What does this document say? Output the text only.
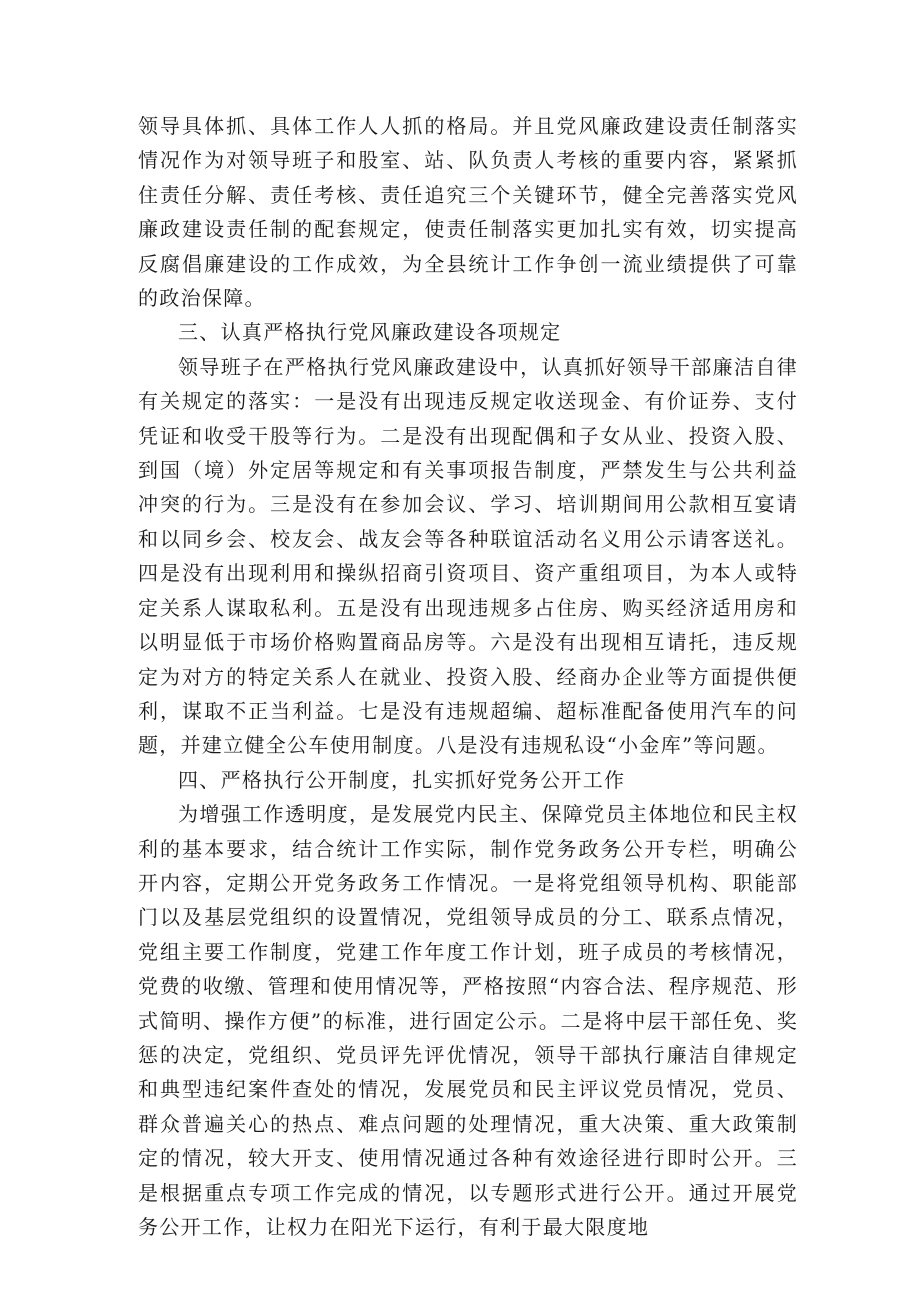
领导具体抓、具体工作人人抓的格局。并且党风廉政建设责任制落实情况作为对领导班子和股室、站、队负责人考核的重要内容，紧紧抓住责任分解、责任考核、责任追究三个关键环节，健全完善落实党风廉政建设责任制的配套规定，使责任制落实更加扎实有效，切实提高反腐倡廉建设的工作成效，为全县统计工作争创一流业绩提供了可靠的政治保障。

三、认真严格执行党风廉政建设各项规定

领导班子在严格执行党风廉政建设中，认真抓好领导干部廉洁自律有关规定的落实：一是没有出现违反规定收送现金、有价证券、支付凭证和收受干股等行为。二是没有出现配偶和子女从业、投资入股、到国（境）外定居等规定和有关事项报告制度，严禁发生与公共利益冲突的行为。三是没有在参加会议、学习、培训期间用公款相互宴请和以同乡会、校友会、战友会等各种联谊活动名义用公示请客送礼。四是没有出现利用和操纵招商引资项目、资产重组项目，为本人或特定关系人谋取私利。五是没有出现违规多占住房、购买经济适用房和以明显低于市场价格购置商品房等。六是没有出现相互请托，违反规定为对方的特定关系人在就业、投资入股、经商办企业等方面提供便利，谋取不正当利益。七是没有违规超编、超标准配备使用汽车的问题，并建立健全公车使用制度。八是没有违规私设“小金库”等问题。

四、严格执行公开制度，扎实抓好党务公开工作

为增强工作透明度，是发展党内民主、保障党员主体地位和民主权利的基本要求，结合统计工作实际，制作党务政务公开专栏，明确公开内容，定期公开党务政务工作情况。一是将党组领导机构、职能部门以及基层党组织的设置情况，党组领导成员的分工、联系点情况，党组主要工作制度，党建工作年度工作计划，班子成员的考核情况，党费的收缴、管理和使用情况等，严格按照“内容合法、程序规范、形式简明、操作方便”的标准，进行固定公示。二是将中层干部任免、奖惩的决定，党组织、党员评先评优情况，领导干部执行廉洁自律规定和典型违纪案件查处的情况，发展党员和民主评议党员情况，党员、群众普遍关心的热点、难点问题的处理情况，重大决策、重大政策制定的情况，较大开支、使用情况通过各种有效途径进行即时公开。三是根据重点专项工作完成的情况，以专题形式进行公开。通过开展党务公开工作，让权力在阳光下运行，有利于最大限度地
